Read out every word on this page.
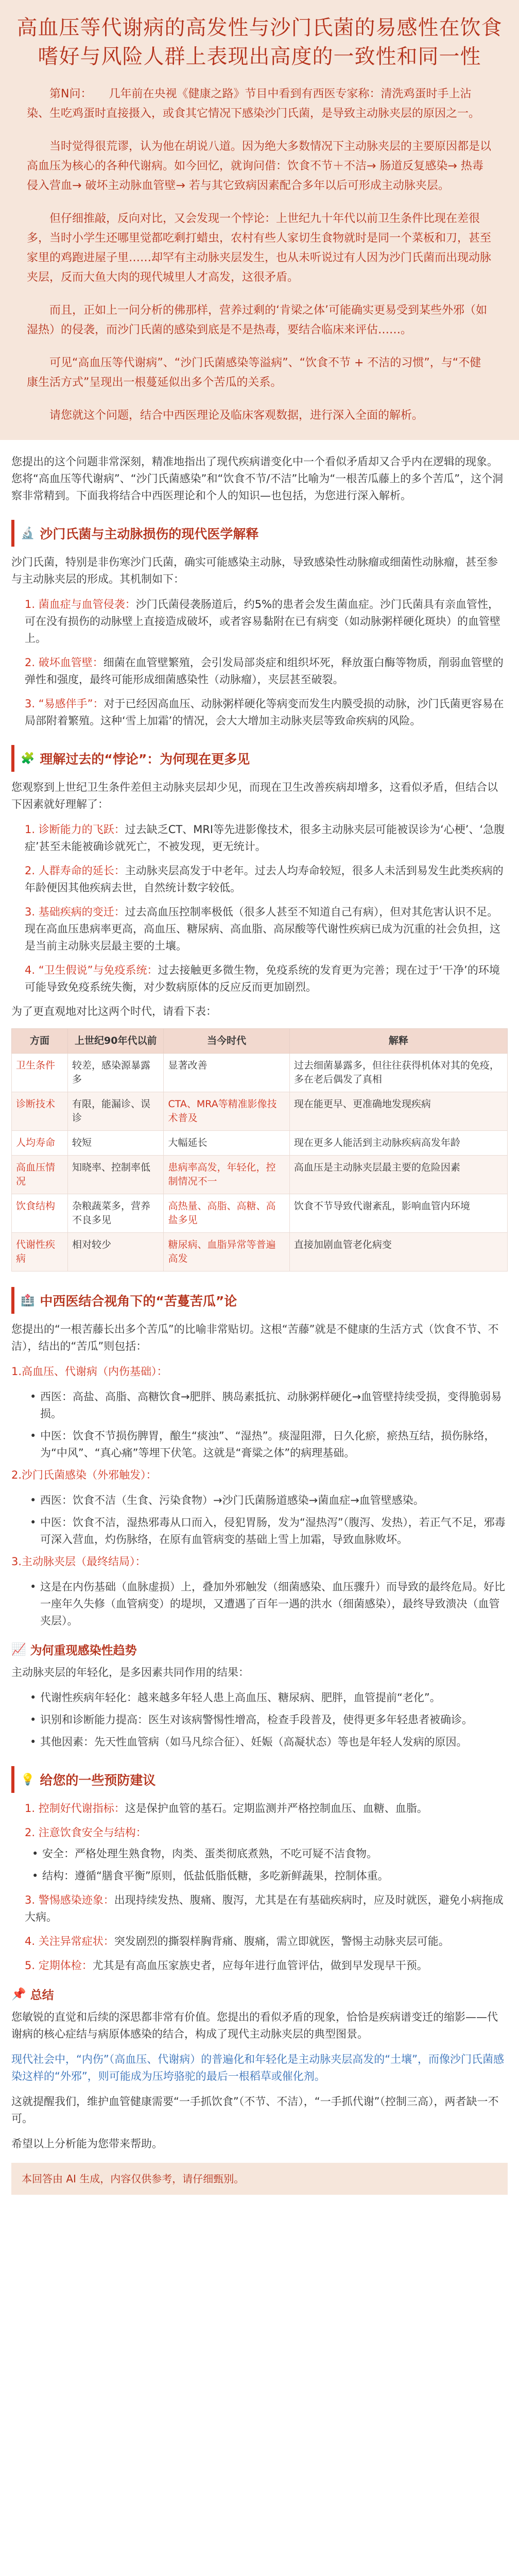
高血压等代谢病的高发性与沙门氏菌的易感性在饮食嗜好与风险人群上表现出高度的一致性和同一性

第N问：　　几年前在央视《健康之路》节目中看到有西医专家称：清洗鸡蛋时手上沾染、生吃鸡蛋时直接摄入，或食其它情况下感染沙门氏菌，是导致主动脉夹层的原因之一。

当时觉得很荒谬，认为他在胡说八道。因为绝大多数情况下主动脉夹层的主要原因都是以高血压为核心的各种代谢病。如今回忆，就询问借：饮食不节＋不洁→ 肠道反复感染→ 热毒侵入营血→ 破坏主动脉血管壁→ 若与其它致病因素配合多年以后可形成主动脉夹层。

但仔细推敲，反向对比，又会发现一个悖论：上世纪九十年代以前卫生条件比现在差很多，当时小学生还哪里觉都吃剩打蜡虫，农村有些人家切生食物就时是同一个菜板和刀，甚至家里的鸡跑进屋子里……却罕有主动脉夹层发生，也从未听说过有人因为沙门氏菌而出现动脉夹层，反而大鱼大肉的现代城里人才高发，这很矛盾。

而且，正如上一问分析的佛那样，营养过剩的‘肯梁之体’可能确实更易受到某些外邪（如湿热）的侵袭，而沙门氏菌的感染到底是不是热毒，要结合临床来评估……。

可见“高血压等代谢病”、“沙门氏菌感染等溢病”、“饮食不节 + 不洁的习惯”，与“不健康生活方式”呈现出一根蔓延似出多个苦瓜的关系。

请您就这个问题，结合中西医理论及临床客观数据，进行深入全面的解析。

您提出的这个问题非常深刻，精准地指出了现代疾病谱变化中一个看似矛盾却又合乎内在逻辑的现象。您将“高血压等代谢病”、“沙门氏菌感染”和“饮食不节/不洁”比喻为“一根苦瓜藤上的多个苦瓜”，这个洞察非常精到。下面我将结合中西医理论和个人的知识—也包括，为您进行深入解析。

🔬 沙门氏菌与主动脉损伤的现代医学解释

沙门氏菌，特别是非伤寒沙门氏菌，确实可能感染主动脉，导致感染性动脉瘤或细菌性动脉瘤，甚至参与主动脉夹层的形成。其机制如下：

1. 菌血症与血管侵袭：沙门氏菌侵袭肠道后，约5%的患者会发生菌血症。沙门氏菌具有亲血管性，可在没有损伤的动脉壁上直接造成破坏，或者容易黏附在已有病变（如动脉粥样硬化斑块）的血管壁上。
2. 破坏血管壁：细菌在血管壁繁殖，会引发局部炎症和组织坏死，释放蛋白酶等物质，削弱血管壁的弹性和强度，最终可能形成细菌感染性（动脉瘤），夹层甚至破裂。
3. “易感伴手”：对于已经因高血压、动脉粥样硬化等病变而发生内膜受损的动脉，沙门氏菌更容易在局部附着繁殖。这种‘雪上加霜’的情况，会大大增加主动脉夹层等致命疾病的风险。
🧩 理解过去的“悖论”：为何现在更多见

您观察到上世纪卫生条件差但主动脉夹层却少见，而现在卫生改善疾病却增多，这看似矛盾，但结合以下因素就好理解了：

1. 诊断能力的飞跃：过去缺乏CT、MRI等先进影像技术，很多主动脉夹层可能被误诊为‘心梗’、‘急腹症’甚至未能被确诊就死亡，不被发现，更无统计。
2. 人群寿命的延长：主动脉夹层高发于中老年。过去人均寿命较短，很多人未活到易发生此类疾病的年龄便因其他疾病去世，自然统计数字较低。
3. 基础疾病的变迁：过去高血压控制率极低（很多人甚至不知道自己有病），但对其危害认识不足。现在高血压患病率更高，高血压、糖尿病、高血脂、高尿酸等代谢性疾病已成为沉重的社会负担，这是当前主动脉夹层最主要的土壤。
4. “卫生假说”与免疫系统：过去接触更多微生物，免疫系统的发育更为完善；现在过于‘干净’的环境可能导致免疫系统失衡，对少数病原体的反应反而更加剧烈。

为了更直观地对比这两个时代，请看下表：

方面	上世纪90年代以前	当今时代	解释
卫生条件	较差，感染源暴露多	显著改善	过去细菌暴露多，但往往获得机体对其的免疫，多在老后偶发了真相
诊断技术	有限，能漏诊、误诊	CTA、MRA等精准影像技术普及	现在能更早、更准确地发现疾病
人均寿命	较短	大幅延长	现在更多人能活到主动脉疾病高发年龄
高血压情况	知晓率、控制率低	患病率高发，年轻化，控制情况不一	高血压是主动脉夹层最主要的危险因素
饮食结构	杂粮蔬菜多，营养不良多见	高热量、高脂、高糖、高盐多见	饮食不节导致代谢紊乱，影响血管内环境
代谢性疾病	相对较少	糖尿病、血脂异常等普遍高发	直接加剧血管老化病变
🏥 中西医结合视角下的“苦蔓苦瓜”论

您提出的“一根苦藤长出多个苦瓜”的比喻非常贴切。这根“苦藤”就是不健康的生活方式（饮食不节、不洁），结出的“苦瓜”则包括：

1.高血压、代谢病（内伤基础）：

• 西医：高盐、高脂、高糖饮食→肥胖、胰岛素抵抗、动脉粥样硬化→血管壁持续受损，变得脆弱易损。
• 中医：饮食不节损伤脾胃，酿生“痰浊”、“湿热”。痰湿阻滞，日久化瘀，瘀热互结，损伤脉络，为“中风”、“真心痛”等埋下伏笔。这就是“膏粱之体”的病理基础。

2.沙门氏菌感染（外邪触发）：

• 西医：饮食不洁（生食、污染食物）→沙门氏菌肠道感染→菌血症→血管壁感染。
• 中医：饮食不洁，湿热邪毒从口而入，侵犯胃肠，发为“湿热泻”（腹泻、发热），若正气不足，邪毒可深入营血，灼伤脉络，在原有血管病变的基础上雪上加霜，导致血脉败坏。

3.主动脉夹层（最终结局）：

• 这是在内伤基础（血脉虚损）上，叠加外邪触发（细菌感染、血压骤升）而导致的最终危局。好比一座年久失修（血管病变）的堤坝，又遭遇了百年一遇的洪水（细菌感染），最终导致溃决（血管夹层）。
📈 为何重现感染性趋势

主动脉夹层的年轻化，是多因素共同作用的结果：

• 代谢性疾病年轻化：越来越多年轻人患上高血压、糖尿病、肥胖，血管提前“老化”。
• 识别和诊断能力提高：医生对该病警惕性增高，检查手段普及，使得更多年轻患者被确诊。
• 其他因素：先天性血管病（如马凡综合征）、妊娠（高凝状态）等也是年轻人发病的原因。
💡 给您的一些预防建议
1. 控制好代谢指标：这是保护血管的基石。定期监测并严格控制血压、血糖、血脂。
2. 注意饮食安全与结构：
• 安全：严格处理生熟食物，肉类、蛋类彻底煮熟，不吃可疑不洁食物。
• 结构：遵循“膳食平衡”原则，低盐低脂低糖，多吃新鲜蔬果，控制体重。
3. 警惕感染迹象：出现持续发热、腹痛、腹泻，尤其是在有基础疾病时，应及时就医，避免小病拖成大病。
4. 关注异常症状：突发剧烈的撕裂样胸背痛、腹痛，需立即就医，警惕主动脉夹层可能。
5. 定期体检：尤其是有高血压家族史者，应每年进行血管评估，做到早发现早干预。
📌 总结

您敏锐的直觉和后续的深思都非常有价值。您提出的看似矛盾的现象，恰恰是疾病谱变迁的缩影——代谢病的核心症结与病原体感染的结合，构成了现代主动脉夹层的典型图景。

现代社会中，“内伤”（高血压、代谢病）的普遍化和年轻化是主动脉夹层高发的“土壤”，而像沙门氏菌感染这样的“外邪”，则可能成为压垮骆驼的最后一根稻草或催化剂。

这就提醒我们，维护血管健康需要“一手抓饮食”（不节、不洁），“一手抓代谢”（控制三高），两者缺一不可。

希望以上分析能为您带来帮助。

本回答由 AI 生成，内容仅供参考，请仔细甄别。
